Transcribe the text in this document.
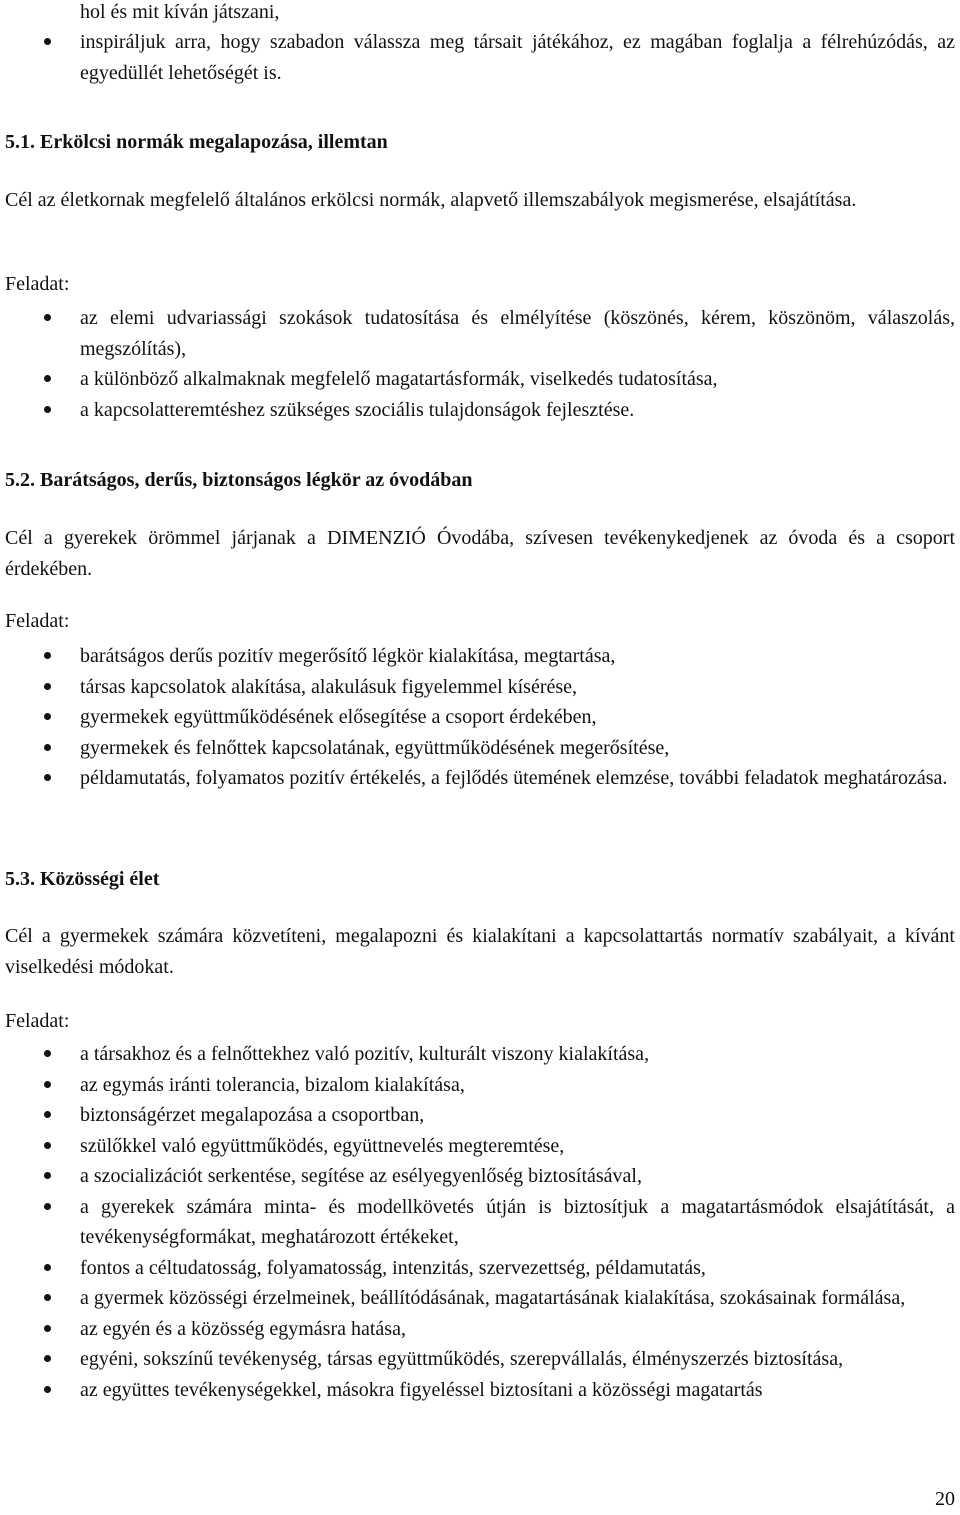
hol és mit kíván játszani,

inspiráljuk arra, hogy szabadon válassza meg társait játékához, ez magában foglalja a félrehúzódás, az egyedüllét lehetőségét is.
5.1. Erkölcsi normák megalapozása, illemtan

Cél az életkornak megfelelő általános erkölcsi normák, alapvető illemszabályok megismerése, elsajátítása.

Feladat:

az elemi udvariassági szokások tudatosítása és elmélyítése (köszönés, kérem, köszönöm, válaszolás, megszólítás),
a különböző alkalmaknak megfelelő magatartásformák, viselkedés tudatosítása,
a kapcsolatteremtéshez szükséges szociális tulajdonságok fejlesztése.
5.2. Barátságos, derűs, biztonságos légkör az óvodában

Cél a gyerekek örömmel járjanak a DIMENZIÓ Óvodába, szívesen tevékenykedjenek az óvoda és a csoport érdekében.

Feladat:

barátságos derűs pozitív megerősítő légkör kialakítása, megtartása,
társas kapcsolatok alakítása, alakulásuk figyelemmel kísérése,
gyermekek együttműködésének elősegítése a csoport érdekében,
gyermekek és felnőttek kapcsolatának, együttműködésének megerősítése,
példamutatás, folyamatos pozitív értékelés, a fejlődés ütemének elemzése, további feladatok meghatározása.
5.3. Közösségi élet

Cél a gyermekek számára közvetíteni, megalapozni és kialakítani a kapcsolattartás normatív szabályait, a kívánt viselkedési módokat.

Feladat:

a társakhoz és a felnőttekhez való pozitív, kulturált viszony kialakítása,
az egymás iránti tolerancia, bizalom kialakítása,
biztonságérzet megalapozása a csoportban,
szülőkkel való együttműködés, együttnevelés megteremtése,
a szocializációt serkentése, segítése az esélyegyenlőség biztosításával,
a gyerekek számára minta- és modellkövetés útján is biztosítjuk a magatartásmódok elsajátítását, a tevékenységformákat, meghatározott értékeket,
fontos a céltudatosság, folyamatosság, intenzitás, szervezettség, példamutatás,
a gyermek közösségi érzelmeinek, beállítódásának, magatartásának kialakítása, szokásainak formálása,
az egyén és a közösség egymásra hatása,
egyéni, sokszínű tevékenység, társas együttműködés, szerepvállalás, élményszerzés biztosítása,
az együttes tevékenységekkel, másokra figyeléssel biztosítani a közösségi magatartás

20
